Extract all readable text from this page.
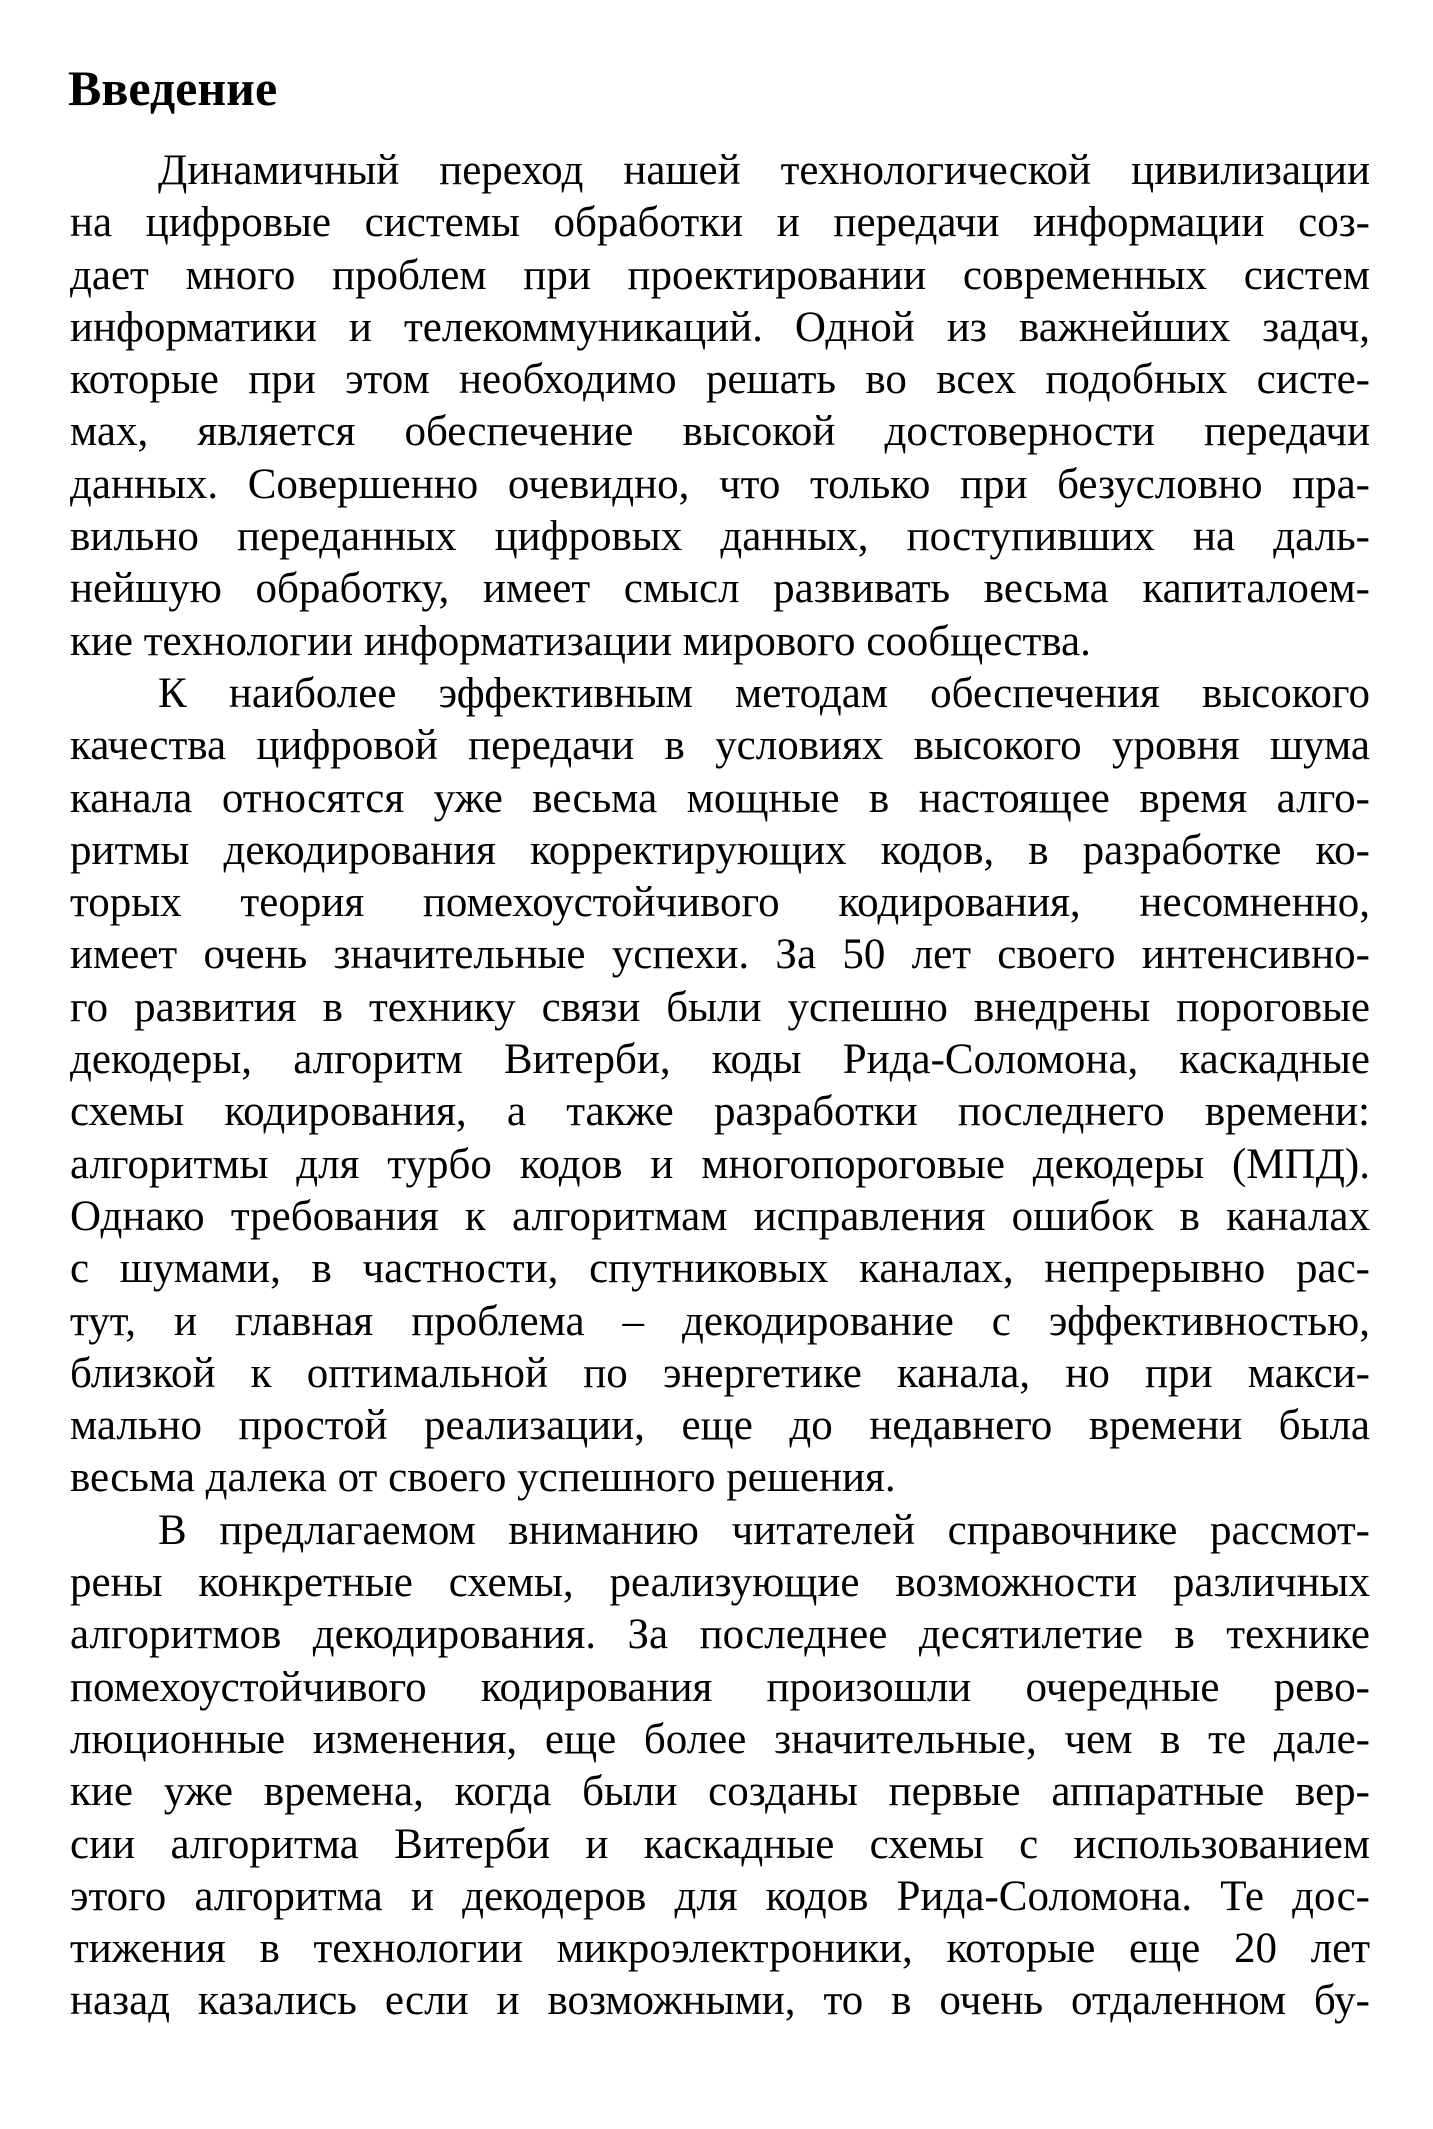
Введение
Динамичный переход нашей технологической цивилизации
на цифровые системы обработки и передачи информации соз-
дает много проблем при проектировании современных систем
информатики и телекоммуникаций. Одной из важнейших задач,
которые при этом необходимо решать во всех подобных систе-
мах, является обеспечение высокой достоверности передачи
данных. Совершенно очевидно, что только при безусловно пра-
вильно переданных цифровых данных, поступивших на даль-
нейшую обработку, имеет смысл развивать весьма капиталоем-
кие технологии информатизации мирового сообщества.
К наиболее эффективным методам обеспечения высокого
качества цифровой передачи в условиях высокого уровня шума
канала относятся уже весьма мощные в настоящее время алго-
ритмы декодирования корректирующих кодов, в разработке ко-
торых теория помехоустойчивого кодирования, несомненно,
имеет очень значительные успехи. За 50 лет своего интенсивно-
го развития в технику связи были успешно внедрены пороговые
декодеры, алгоритм Витерби, коды Рида-Соломона, каскадные
схемы кодирования, а также разработки последнего времени:
алгоритмы для турбо кодов и многопороговые декодеры (МПД).
Однако требования к алгоритмам исправления ошибок в каналах
с шумами, в частности, спутниковых каналах, непрерывно рас-
тут, и главная проблема – декодирование с эффективностью,
близкой к оптимальной по энергетике канала, но при макси-
мально простой реализации, еще до недавнего времени была
весьма далека от своего успешного решения.
В предлагаемом вниманию читателей справочнике рассмот-
рены конкретные схемы, реализующие возможности различных
алгоритмов декодирования. За последнее десятилетие в технике
помехоустойчивого кодирования произошли очередные рево-
люционные изменения, еще более значительные, чем в те дале-
кие уже времена, когда были созданы первые аппаратные вер-
сии алгоритма Витерби и каскадные схемы с использованием
этого алгоритма и декодеров для кодов Рида-Соломона. Те дос-
тижения в технологии микроэлектроники, которые еще 20 лет
назад казались если и возможными, то в очень отдаленном бу-
